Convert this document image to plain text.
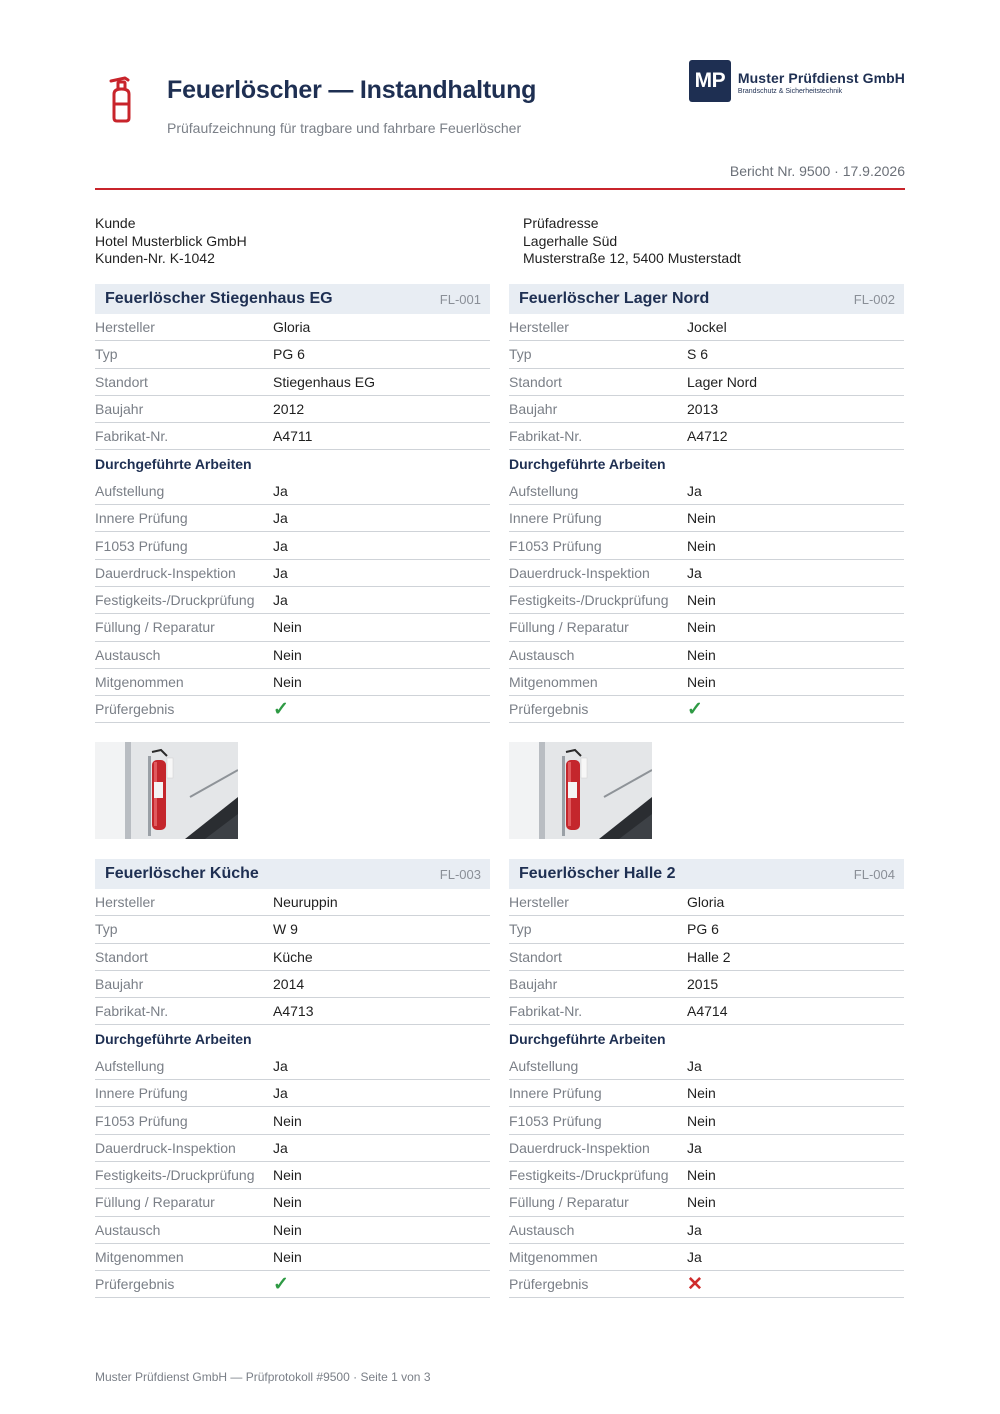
Feuerlöscher — Instandhaltung
Prüfaufzeichnung für tragbare und fahrbare Feuerlöscher
MP Muster Prüfdienst GmbH
Brandschutz & Sicherheitstechnik
Bericht Nr. 9500 · 17.9.2026
Kunde
Hotel Musterblick GmbH
Kunden-Nr. K-1042
Prüfadresse
Lagerhalle Süd
Musterstraße 12, 5400 Musterstadt
Feuerlöscher Stiegenhaus EG	FL-001
Hersteller	Gloria
Typ	PG 6
Standort	Stiegenhaus EG
Baujahr	2012
Fabrikat-Nr.	A4711
Durchgeführte Arbeiten
Aufstellung	Ja
Innere Prüfung	Ja
F1053 Prüfung	Ja
Dauerdruck-Inspektion	Ja
Festigkeits-/Druckprüfung	Ja
Füllung / Reparatur	Nein
Austausch	Nein
Mitgenommen	Nein
Prüfergebnis	✓
Feuerlöscher Lager Nord	FL-002
Hersteller	Jockel
Typ	S 6
Standort	Lager Nord
Baujahr	2013
Fabrikat-Nr.	A4712
Durchgeführte Arbeiten
Aufstellung	Ja
Innere Prüfung	Nein
F1053 Prüfung	Nein
Dauerdruck-Inspektion	Ja
Festigkeits-/Druckprüfung	Nein
Füllung / Reparatur	Nein
Austausch	Nein
Mitgenommen	Nein
Prüfergebnis	✓
Feuerlöscher Küche	FL-003
Hersteller	Neuruppin
Typ	W 9
Standort	Küche
Baujahr	2014
Fabrikat-Nr.	A4713
Durchgeführte Arbeiten
Aufstellung	Ja
Innere Prüfung	Ja
F1053 Prüfung	Nein
Dauerdruck-Inspektion	Ja
Festigkeits-/Druckprüfung	Nein
Füllung / Reparatur	Nein
Austausch	Nein
Mitgenommen	Nein
Prüfergebnis	✓
Feuerlöscher Halle 2	FL-004
Hersteller	Gloria
Typ	PG 6
Standort	Halle 2
Baujahr	2015
Fabrikat-Nr.	A4714
Durchgeführte Arbeiten
Aufstellung	Ja
Innere Prüfung	Nein
F1053 Prüfung	Nein
Dauerdruck-Inspektion	Ja
Festigkeits-/Druckprüfung	Nein
Füllung / Reparatur	Nein
Austausch	Ja
Mitgenommen	Ja
Prüfergebnis	✕
Muster Prüfdienst GmbH — Prüfprotokoll #9500 · Seite 1 von 3
